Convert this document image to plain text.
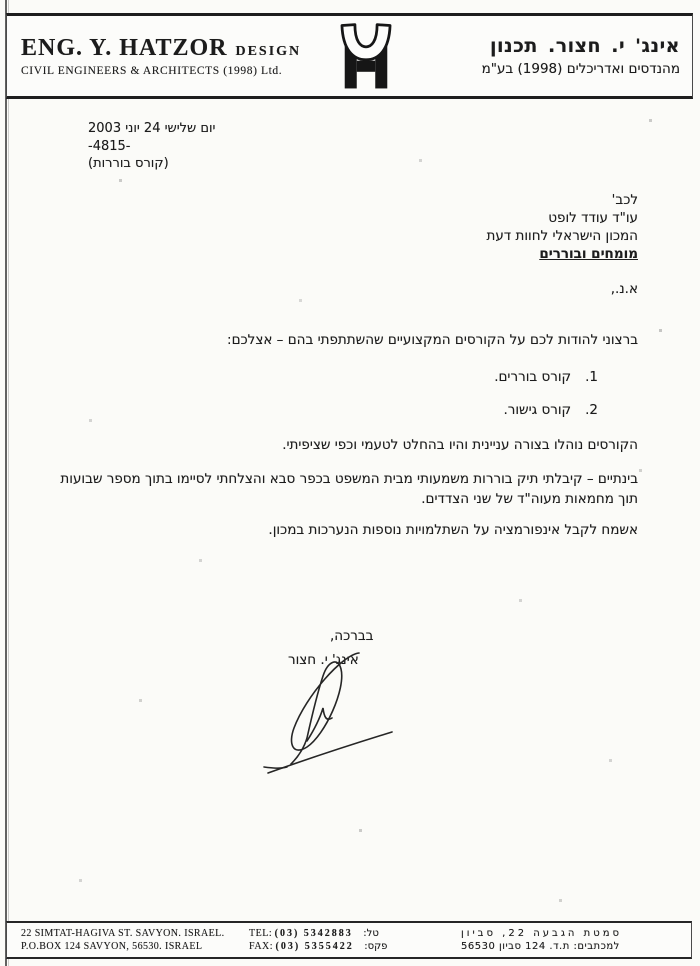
ENG. Y. HATZOR DESIGN
CIVIL ENGINEERS & ARCHITECTS (1998) Ltd.
אינג' י. חצור. תכנון
מהנדסים ואדריכלים (1998) בע"מ
יום שלישי 24 יוני 2003
-4815-
(קורס בוררות)
לכב'
עו"ד עודד לופט
המכון הישראלי לחוות דעת
מומחים ובוררים
א.נ.,
ברצוני להודות לכם על הקורסים המקצועיים שהשתתפתי בהם – אצלכם:
1.קורס בוררים.
2.קורס גישור.
הקורסים נוהלו בצורה עניינית והיו בהחלט לטעמי וכפי שציפיתי.
בינתיים – קיבלתי תיק בוררות משמעותי מבית המשפט בכפר סבא והצלחתי לסיימו בתוך מספר שבועות תוך מחמאות מעוה"ד של שני הצדדים.
אשמח לקבל אינפורמציה על השתלמויות נוספות הנערכות במכון.
בברכה,
אינג' י. חצור
22 SIMTAT-HAGIVA ST. SAVYON. ISRAEL.
P.O.BOX 124 SAVYON, 56530. ISRAEL
TEL: (03) 5342883 טל:
FAX: (03) 5355422 פקס:
סמטת הגבעה 22, סביון
למכתבים: ת.ד. 124 סביון 56530
